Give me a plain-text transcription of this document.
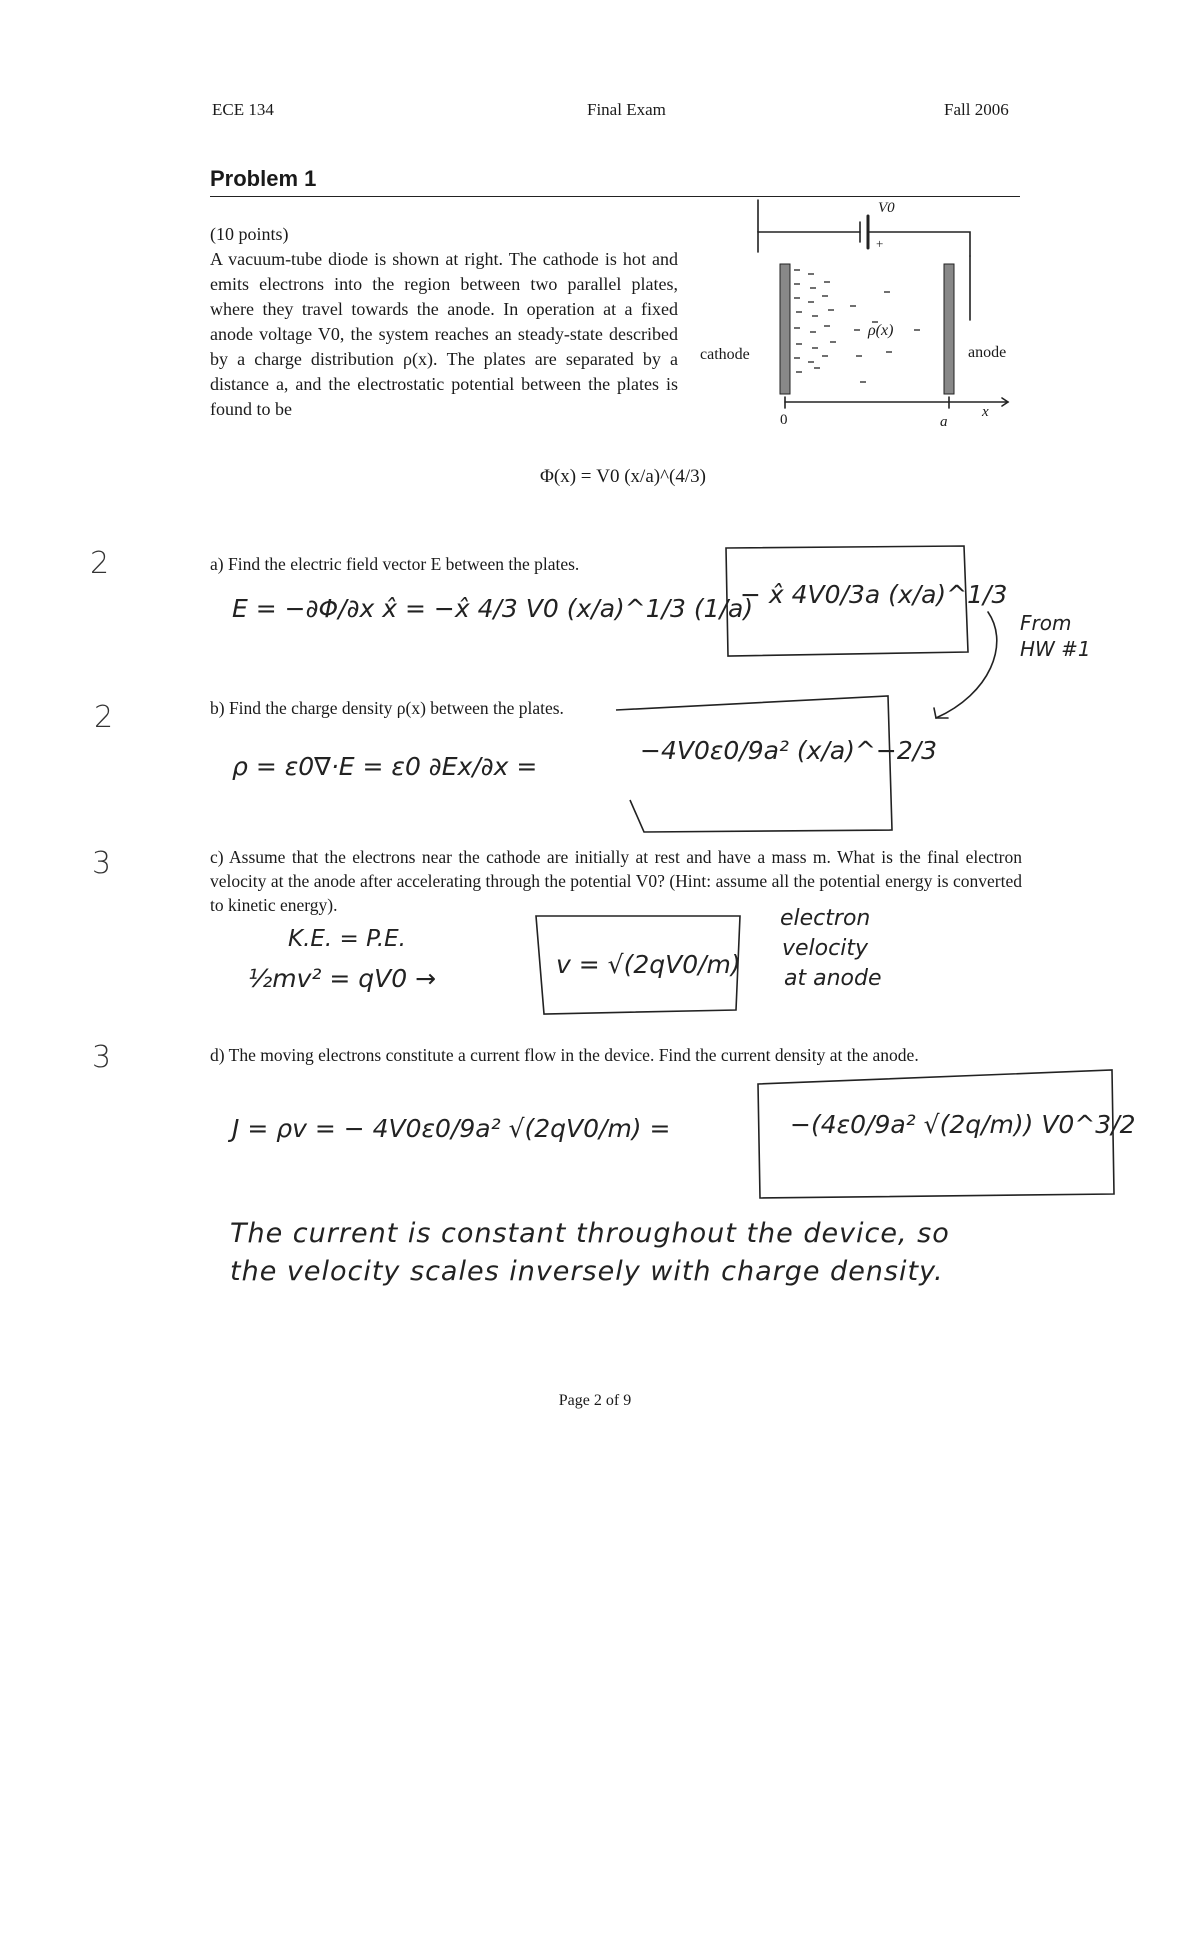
ECE 134	Final Exam	Fall 2006
Problem 1

(10 points)

A vacuum-tube diode is shown at right. The cathode is hot and emits electrons into the region between two parallel plates, where they travel towards the anode. In operation at a fixed anode voltage V0, the system reaches an steady-state described by a charge distribution ρ(x). The plates are separated by a distance a, and the electrostatic potential between the plates is found to be

Φ(x) = V0 (x/a)^(4/3)
V0
+
cathode	anode
ρ(x)
0	a
x
2	a) Find the electric field vector E between the plates.
E = −∂Φ/∂x x̂ = −x̂ 4/3 V0 (x/a)^1/3 (1/a)
− x̂ 4V0/3a (x/a)^1/3
From HW #1
2	b) Find the charge density ρ(x) between the plates.
ρ = ε0∇·E = ε0 ∂Ex/∂x =
−4V0ε0/9a² (x/a)^−2/3
3	c) Assume that the electrons near the cathode are initially at rest and have a mass m. What is the final electron velocity at the anode after accelerating through the potential V0? (Hint: assume all the potential energy is converted to kinetic energy).
K.E. = P.E.
½mv² = qV0 →	v = √(2qV0/m)
electron
velocity
at anode
3	d) The moving electrons constitute a current flow in the device. Find the current density at the anode.
J = ρv = − 4V0ε0/9a² √(2qV0/m) =	−(4ε0/9a² √(2q/m)) V0^3/2
The current is constant throughout the device, so
the velocity scales inversely with charge density.
Page 2 of 9
